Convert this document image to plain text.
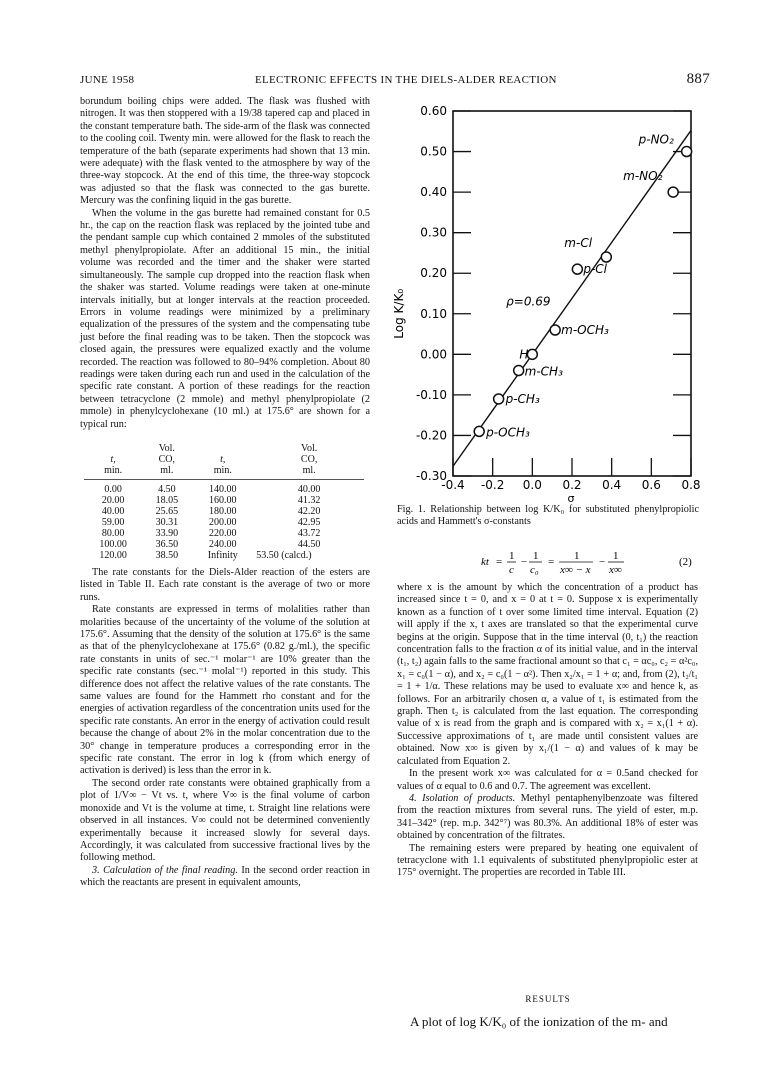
JUNE 1958	ELECTRONIC EFFECTS IN THE DIELS-ALDER REACTION	887

borundum boiling chips were added. The flask was flushed with nitrogen. It was then stoppered with a 19/38 tapered cap and placed in the constant temperature bath. The side-arm of the flask was connected to the cooling coil. Twenty min. were allowed for the flask to reach the temperature of the bath (separate experiments had shown that 13 min. were adequate) with the flask vented to the atmosphere by way of the three-way stopcock. At the end of this time, the three-way stopcock was adjusted so that the flask was connected to the gas burette. Mercury was the confining liquid in the gas burette.

When the volume in the gas burette had remained constant for 0.5 hr., the cap on the reaction flask was replaced by the jointed tube and the pendant sample cup which contained 2 mmoles of the substituted methyl phenylpropiolate. After an additional 15 min., the initial volume was recorded and the timer and the shaker were started simultaneously. The sample cup dropped into the reaction flask when the shaker was started. Volume readings were taken at one-minute intervals initially, but at longer intervals at the reaction proceeded. Errors in volume readings were minimized by a preliminary equalization of the pressures of the system and the compensating tube just before the final reading was to be taken. Then the stopcock was closed again, the pressures were equalized exactly and the volume recorded. The reaction was followed to 80–94% completion. About 80 readings were taken during each run and used in the calculation of the specific rate constant. A portion of these readings for the reaction between tetracyclone (2 mmole) and methyl phenylpropiolate (2 mmole) in phenylcyclohexane (10 ml.) at 175.6° are shown for a typical run:

	Vol.		Vol.
t,	CO,	t,	CO,
min.	ml.	min.	ml.
0.00	4.50	140.00	40.00
20.00	18.05	160.00	41.32
40.00	25.65	180.00	42.20
59.00	30.31	200.00	42.95
80.00	33.90	220.00	43.72
100.00	36.50	240.00	44.50
120.00	38.50	Infinity	53.50 (calcd.)

The rate constants for the Diels-Alder reaction of the esters are listed in Table II. Each rate constant is the average of two or more runs.

Rate constants are expressed in terms of molalities rather than molarities because of the uncertainty of the volume of the solution at 175.6°. Assuming that the density of the solution at 175.6° is the same as that of the phenylcyclohexane at 175.6° (0.82 g./ml.), the specific rate constants in units of sec.⁻¹ molar⁻¹ are 10% greater than the specific rate constants (sec.⁻¹ molal⁻¹) reported in this study. This difference does not affect the relative values of the rate constants. The same values are found for the Hammett rho constant and for the energies of activation regardless of the concentration units used for the specific rate constants. An error in the energy of activation could result because the change of about 2% in the molar concentration due to the 30° change in temperature produces a corresponding error in the specific rate constant. The error in log k (from which energy of activation is derived) is less than the error in k.

The second order rate constants were obtained graphically from a plot of 1/V∞ − Vt vs. t, where V∞ is the final volume of carbon monoxide and Vt is the volume at time, t. Straight line relations were observed in all instances. V∞ could not be determined conveniently experimentally because it increased slowly for several days. Accordingly, it was calculated from successive fractional lives by the following method.

3. Calculation of the final reading. In the second order reaction in which the reactants are present in equivalent amounts,

0.60
0.50
0.40
0.30
0.20
0.10
0.00
-0.10
-0.20
-0.30
-0.4 -0.2 0.0 0.2 0.4 0.6 0.8
σ
Log K/K₀	ρ=0.69
p-NO₂
m-NO₂
m-Cl
p-Cl
m-OCH₃
H
m-CH₃
p-CH₃
p-OCH₃
Fig. 1. Relationship between log K/K₀ for substituted phenylpropiolic acids and Hammett's σ-constants
kt = 1
c
− 1
c₀
= 1
x∞ − x
− 1
x∞
(2)

where x is the amount by which the concentration of a product has increased since t = 0, and x = 0 at t = 0. Suppose x is experimentally known as a function of t over some limited time interval. Equation (2) will apply if the x, t axes are translated so that the experimental curve begins at the origin. Suppose that in the time interval (0, t₁) the reaction concentration falls to the fraction α of its initial value, and in the interval (t₁, t₂) again falls to the same fractional amount so that c₁ = αc₀, c₂ = α²c₀, x₁ = c₀(1 − α), and x₂ = c₀(1 − α²). Then x₂/x₁ = 1 + α; and, from (2), t₂/t₁ = 1 + 1/α. These relations may be used to evaluate x∞ and hence k, as follows. For an arbitrarily chosen α, a value of t₁ is estimated from the graph. Then t₂ is calculated from the last equation. The corresponding value of x is read from the graph and is compared with x₂ = x₁(1 + α). Successive approximations of t₁ are made until consistent values are obtained. Now x∞ is given by x₁/(1 − α) and values of k may be calculated from Equation 2.

In the present work x∞ was calculated for α = 0.5and checked for values of α equal to 0.6 and 0.7. The agreement was excellent.

4. Isolation of products. Methyl pentaphenylbenzoate was filtered from the reaction mixtures from several runs. The yield of ester, m.p. 341–342° (rep. m.p. 342°⁷) was 80.3%. An additional 18% of ester was obtained by concentration of the filtrates.

The remaining esters were prepared by heating one equivalent of tetracyclone with 1.1 equivalents of substituted phenylpropiolic ester at 175° overnight. The properties are recorded in Table III.

RESULTS
A plot of log K/K₀ of the ionization of the m- and
